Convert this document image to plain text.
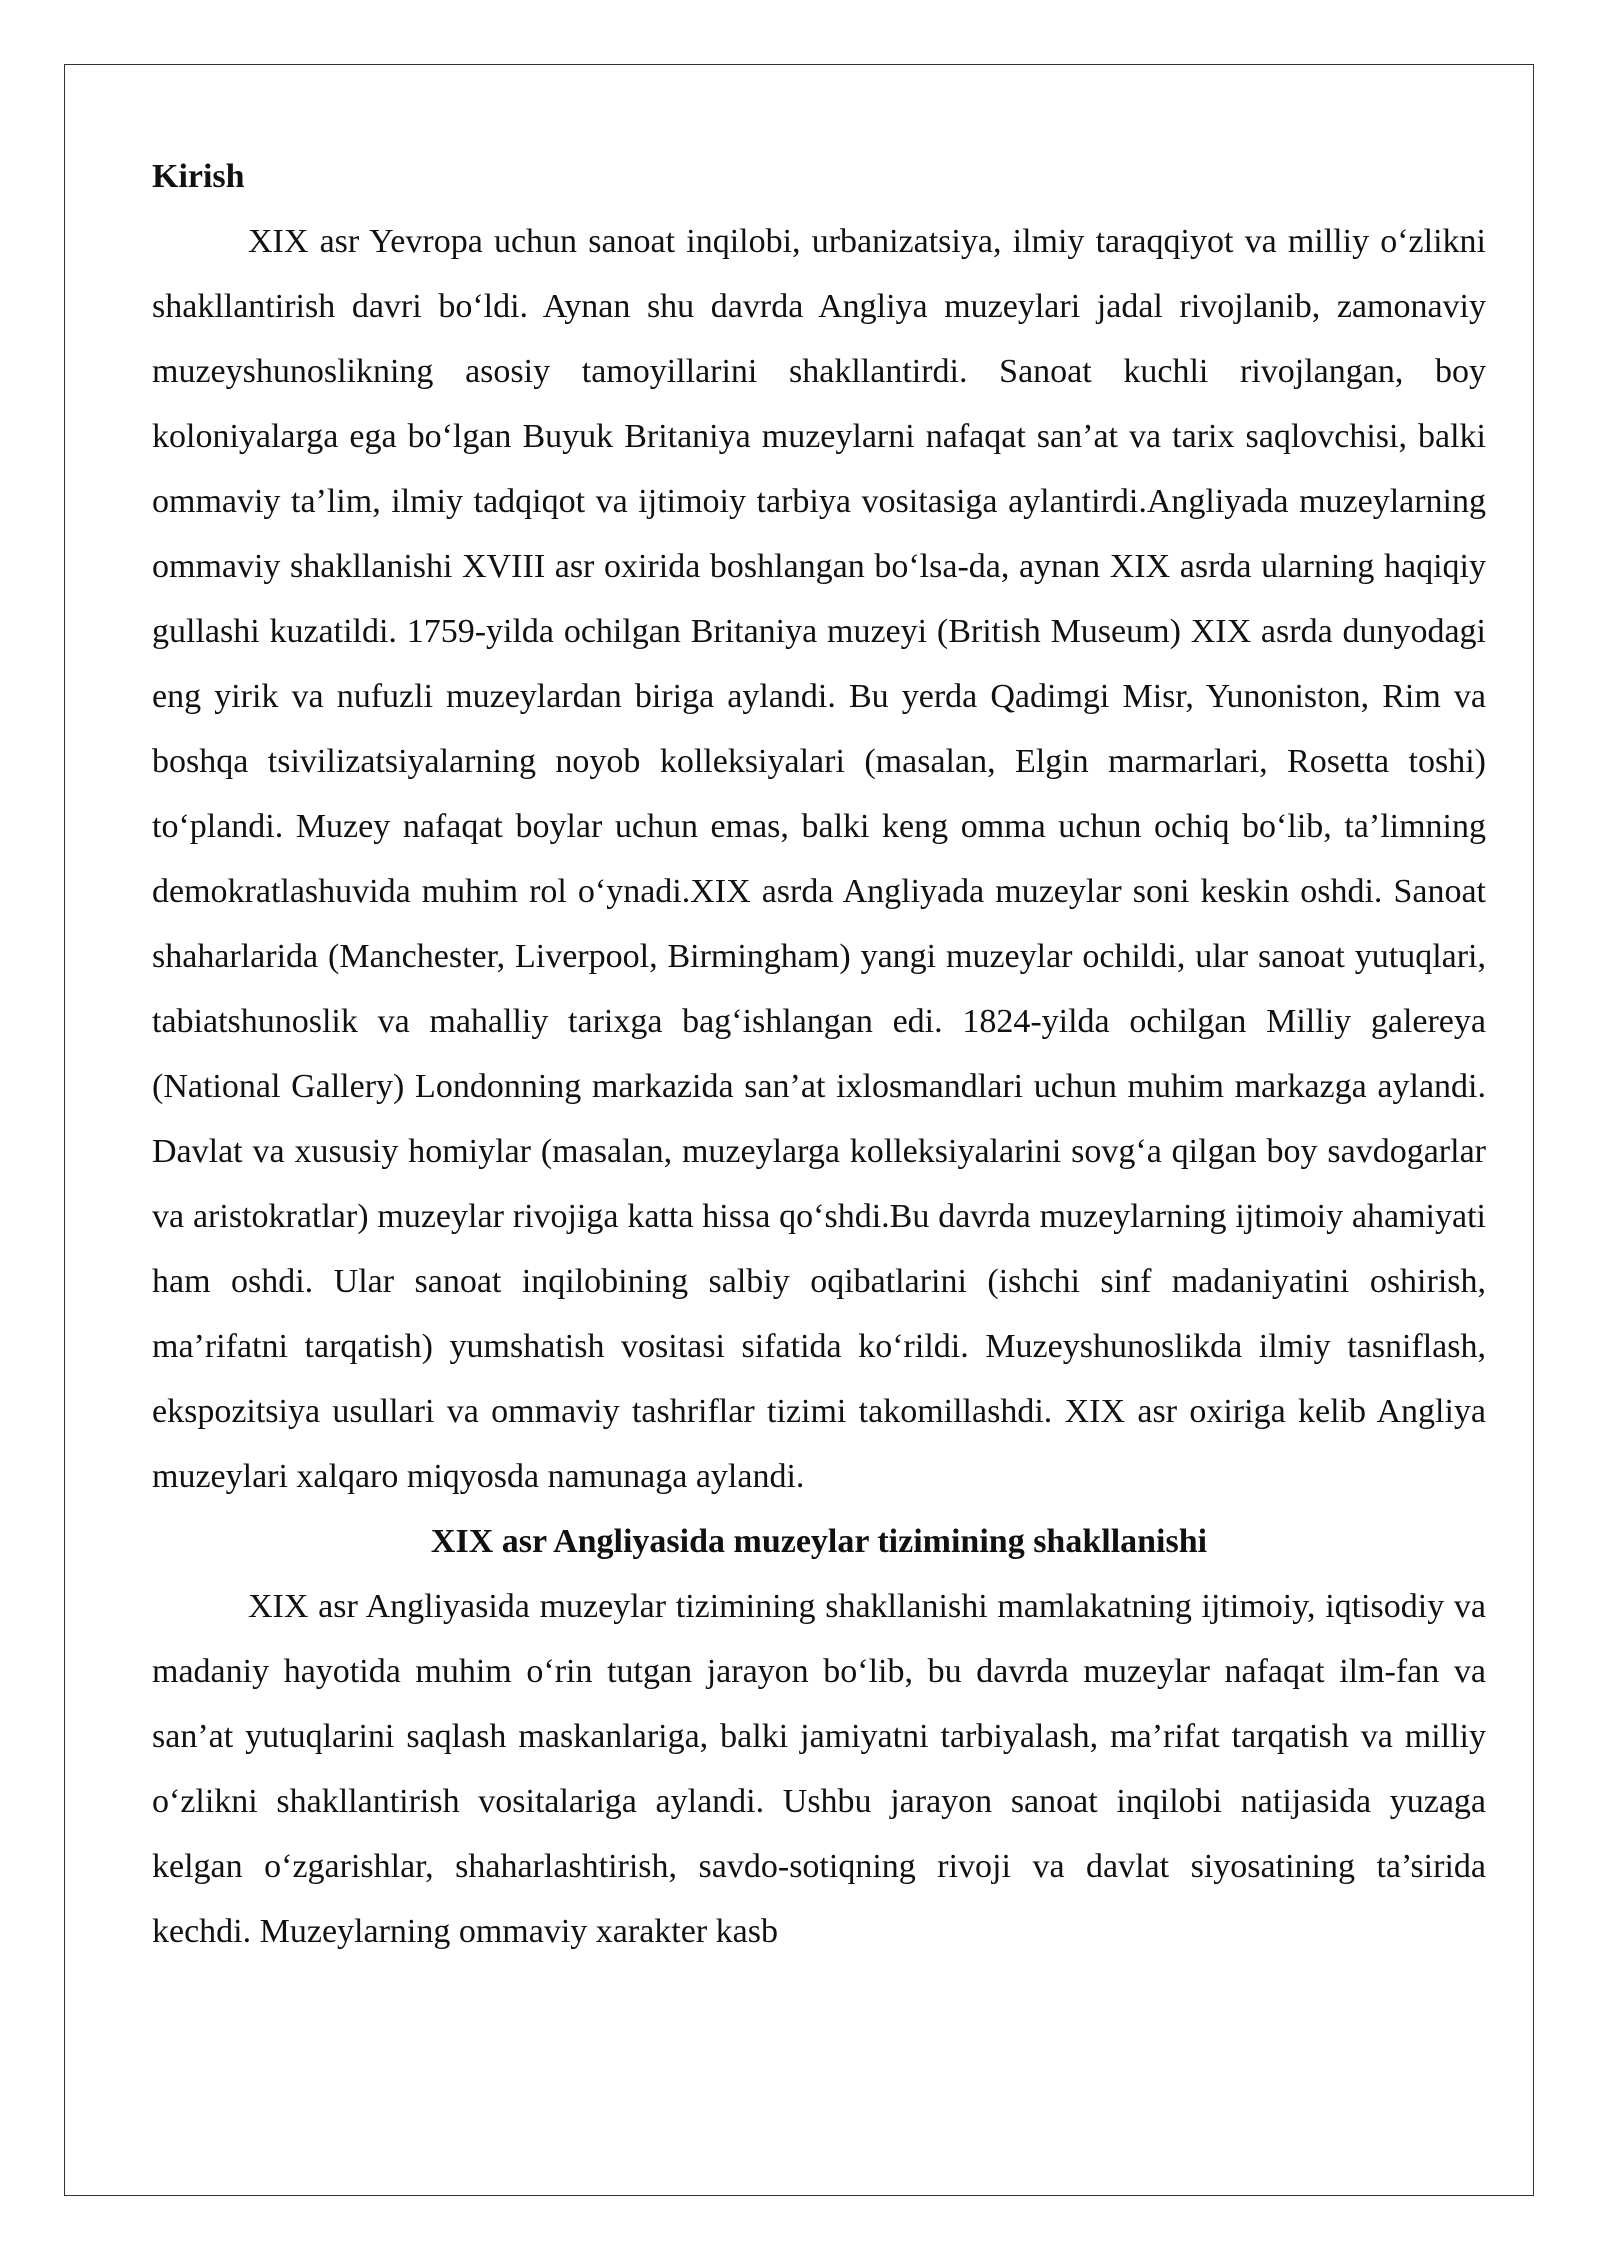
Kirish

XIX asr Yevropa uchun sanoat inqilobi, urbanizatsiya, ilmiy taraqqiyot va milliy oʻzlikni shakllantirish davri boʻldi. Aynan shu davrda Angliya muzeylari jadal rivojlanib, zamonaviy muzeyshunoslikning asosiy tamoyillarini shakllantirdi. Sanoat kuchli rivojlangan, boy koloniyalarga ega boʻlgan Buyuk Britaniya muzeylarni nafaqat san’at va tarix saqlovchisi, balki ommaviy ta’lim, ilmiy tadqiqot va ijtimoiy tarbiya vositasiga aylantirdi.Angliyada muzeylarning ommaviy shakllanishi XVIII asr oxirida boshlangan boʻlsa-da, aynan XIX asrda ularning haqiqiy gullashi kuzatildi. 1759-yilda ochilgan Britaniya muzeyi (British Museum) XIX asrda dunyodagi eng yirik va nufuzli muzeylardan biriga aylandi. Bu yerda Qadimgi Misr, Yunoniston, Rim va boshqa tsivilizatsiyalarning noyob kolleksiyalari (masalan, Elgin marmarlari, Rosetta toshi) toʻplandi. Muzey nafaqat boylar uchun emas, balki keng omma uchun ochiq boʻlib, ta’limning demokratlashuvida muhim rol oʻynadi.XIX asrda Angliyada muzeylar soni keskin oshdi. Sanoat shaharlarida (Manchester, Liverpool, Birmingham) yangi muzeylar ochildi, ular sanoat yutuqlari, tabiatshunoslik va mahalliy tarixga bagʻishlangan edi. 1824-yilda ochilgan Milliy galereya (National Gallery) Londonning markazida san’at ixlosmandlari uchun muhim markazga aylandi. Davlat va xususiy homiylar (masalan, muzeylarga kolleksiyalarini sovgʻa qilgan boy savdogarlar va aristokratlar) muzeylar rivojiga katta hissa qoʻshdi.Bu davrda muzeylarning ijtimoiy ahamiyati ham oshdi. Ular sanoat inqilobining salbiy oqibatlarini (ishchi sinf madaniyatini oshirish, ma’rifatni tarqatish) yumshatish vositasi sifatida koʻrildi. Muzeyshunoslikda ilmiy tasniflash, ekspozitsiya usullari va ommaviy tashriflar tizimi takomillashdi. XIX asr oxiriga kelib Angliya muzeylari xalqaro miqyosda namunaga aylandi.

XIX asr Angliyasida muzeylar tizimining shakllanishi

XIX asr Angliyasida muzeylar tizimining shakllanishi mamlakatning ijtimoiy, iqtisodiy va madaniy hayotida muhim oʻrin tutgan jarayon boʻlib, bu davrda muzeylar nafaqat ilm-fan va san’at yutuqlarini saqlash maskanlariga, balki jamiyatni tarbiyalash, ma’rifat tarqatish va milliy oʻzlikni shakllantirish vositalariga aylandi. Ushbu jarayon sanoat inqilobi natijasida yuzaga kelgan oʻzgarishlar, shaharlashtirish, savdo-sotiqning rivoji va davlat siyosatining ta’sirida kechdi. Muzeylarning ommaviy xarakter kasb
